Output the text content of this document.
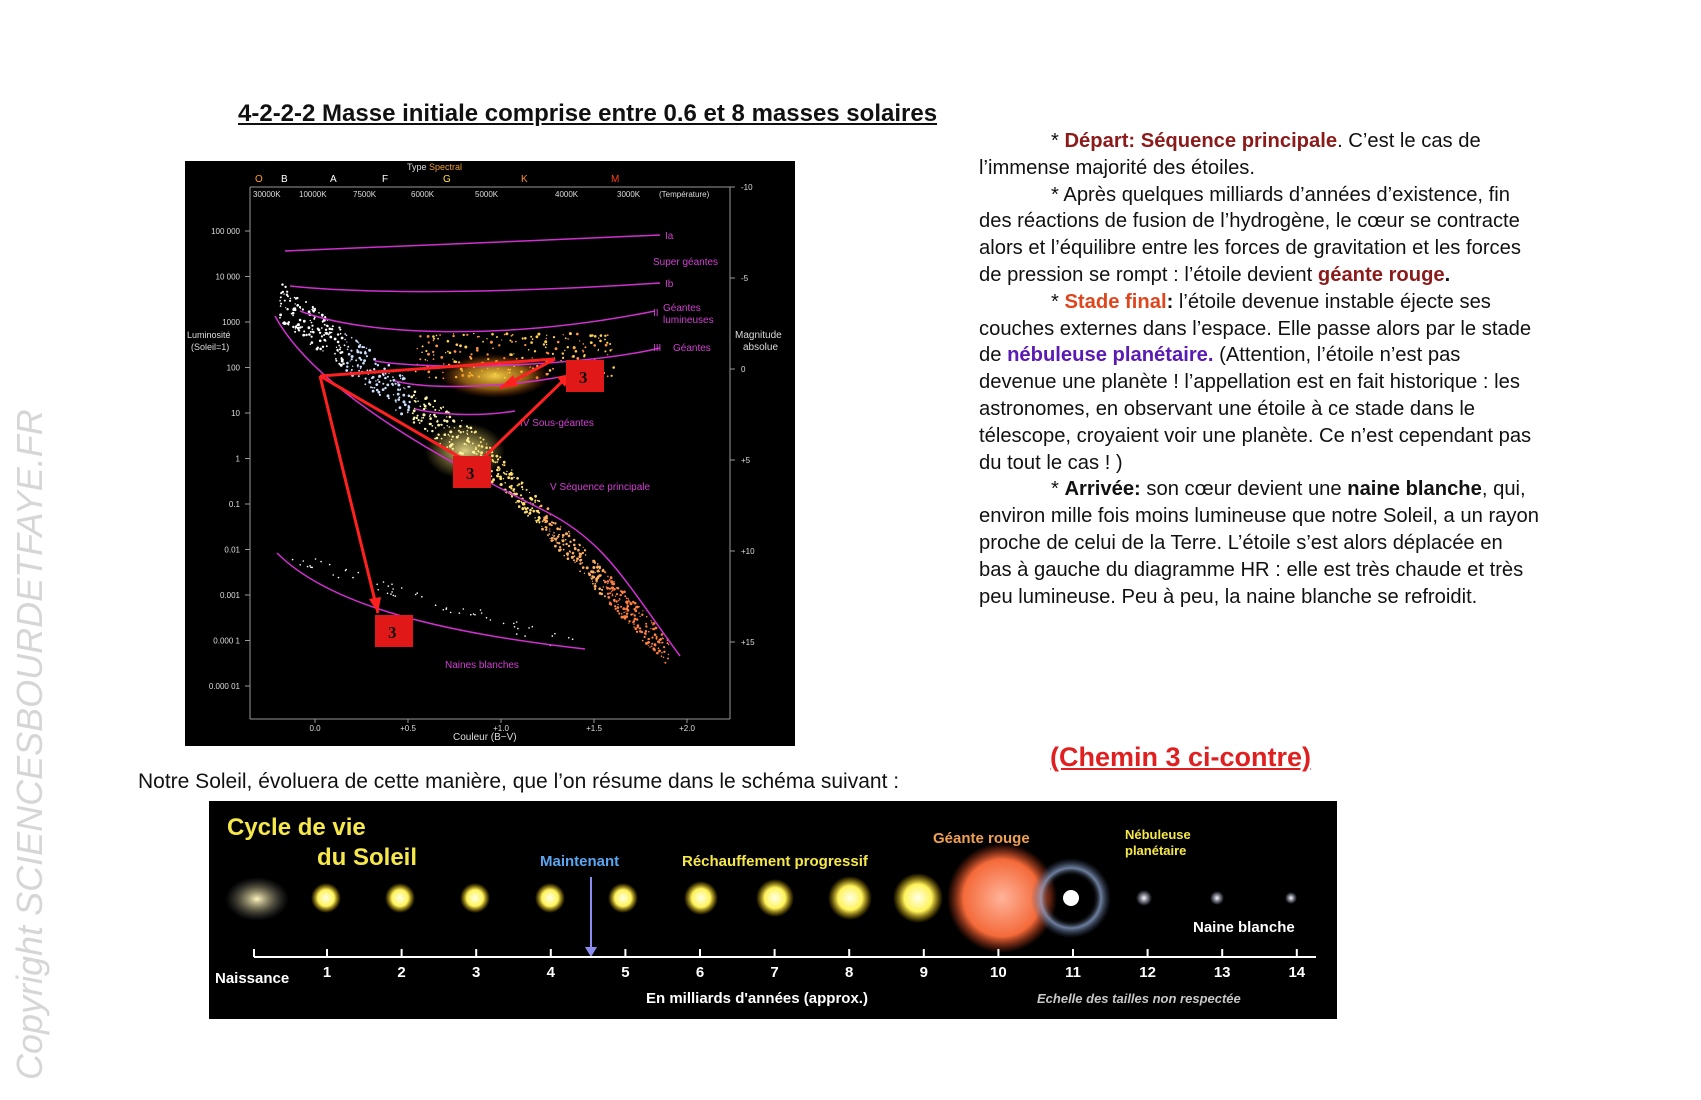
Copyright SCIENCESBOURDETFAYE.FR
4-2-2-2 Masse initiale comprise entre 0.6 et 8 masses solaires
O B	A	F	G	K	M
30000K 10000K	7500K	6000K	5000K	4000K	3000K (Température)
100 000
10 000
1000
100
10
1
0.1
0.01
0.001
0.000 1
0.000 01
-10
-5
0
+5
+10
+15
0.0	+0.5	+1.0	+1.5	+2.0
Type Spectral
Luminosité
(Soleil=1)
Magnitude
absolue
Couleur (B−V)
Ia
Super géantes
Ib
II Géantes
lumineuses
III Géantes
IV Sous-géantes
V Séquence principale
Naines blanches
3
3
3

* Départ: Séquence principale. C’est le cas de l’immense majorité des étoiles.

* Après quelques milliards d’années d’existence, fin des réactions de fusion de l’hydrogène, le cœur se contracte alors et l’équilibre entre les forces de gravitation et les forces de pression se rompt : l’étoile devient géante rouge.

* Stade final: l’étoile devenue instable éjecte ses couches externes dans l’espace. Elle passe alors par le stade de nébuleuse planétaire. (Attention, l’étoile n’est pas devenue une planète ! l’appellation est en fait historique : les astronomes, en observant une étoile à ce stade dans le télescope, croyaient voir une planète. Ce n’est cependant pas du tout le cas ! )

* Arrivée: son cœur devient une naine blanche, qui, environ mille fois moins lumineuse que notre Soleil, a un rayon proche de celui de la Terre. L’étoile s’est alors déplacée en bas à gauche du diagramme HR : elle est très chaude et très peu lumineuse. Peu à peu, la naine blanche se refroidit.

(Chemin 3 ci-contre)
Notre Soleil, évoluera de cette manière, que l’on résume dans le schéma suivant :
Cycle de vie
du Soleil	Maintenant	Réchauffement progressif
Géante rouge	Nébuleuse
planétaire
Naine blanche
1	2	3	4	5	6	7	8	9	10	11	12	13	14
Naissance
En milliards d'années (approx.)	Echelle des tailles non respectée
